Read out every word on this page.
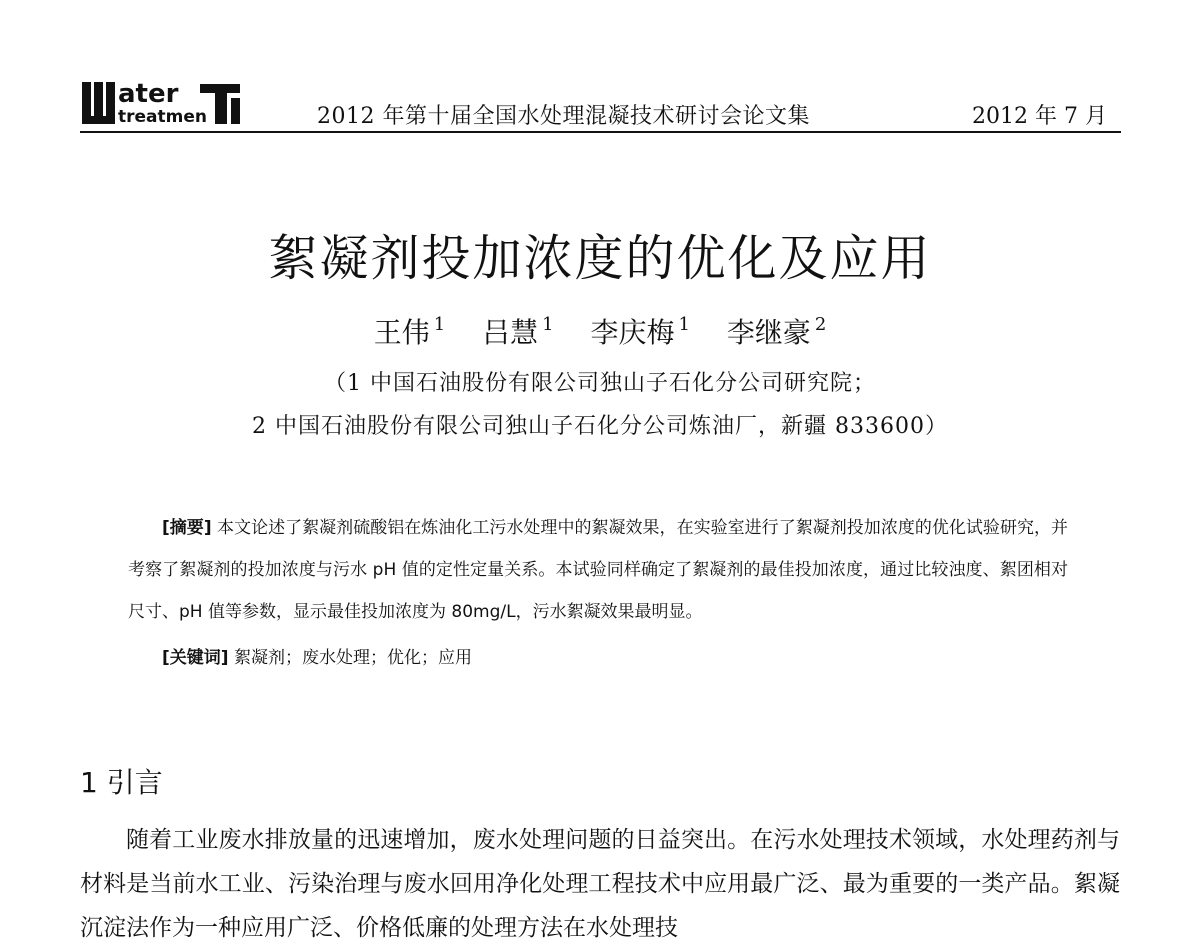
ater
treatmen	2012 年第十届全国水处理混凝技术研讨会论文集	2012 年 7 月
絮凝剂投加浓度的优化及应用
王伟 $^1$ 吕慧 $^1$ 李庆梅 $^1$ 李继豪 $^2$
（1 中国石油股份有限公司独山子石化分公司研究院；
2 中国石油股份有限公司独山子石化分公司炼油厂，新疆 833600）

[摘要] 本文论述了絮凝剂硫酸铝在炼油化工污水处理中的絮凝效果，在实验室进行了絮凝剂投加浓度的优化试验研究，并考察了絮凝剂的投加浓度与污水 pH 值的定性定量关系。本试验同样确定了絮凝剂的最佳投加浓度，通过比较浊度、絮团相对尺寸、pH 值等参数，显示最佳投加浓度为 80mg/L，污水絮凝效果最明显。

[关键词] 絮凝剂；废水处理；优化；应用

1 引言

随着工业废水排放量的迅速增加，废水处理问题的日益突出。在污水处理技术领域，水处理药剂与材料是当前水工业、污染治理与废水回用净化处理工程技术中应用最广泛、最为重要的一类产品。絮凝沉淀法作为一种应用广泛、价格低廉的处理方法在水处理技
